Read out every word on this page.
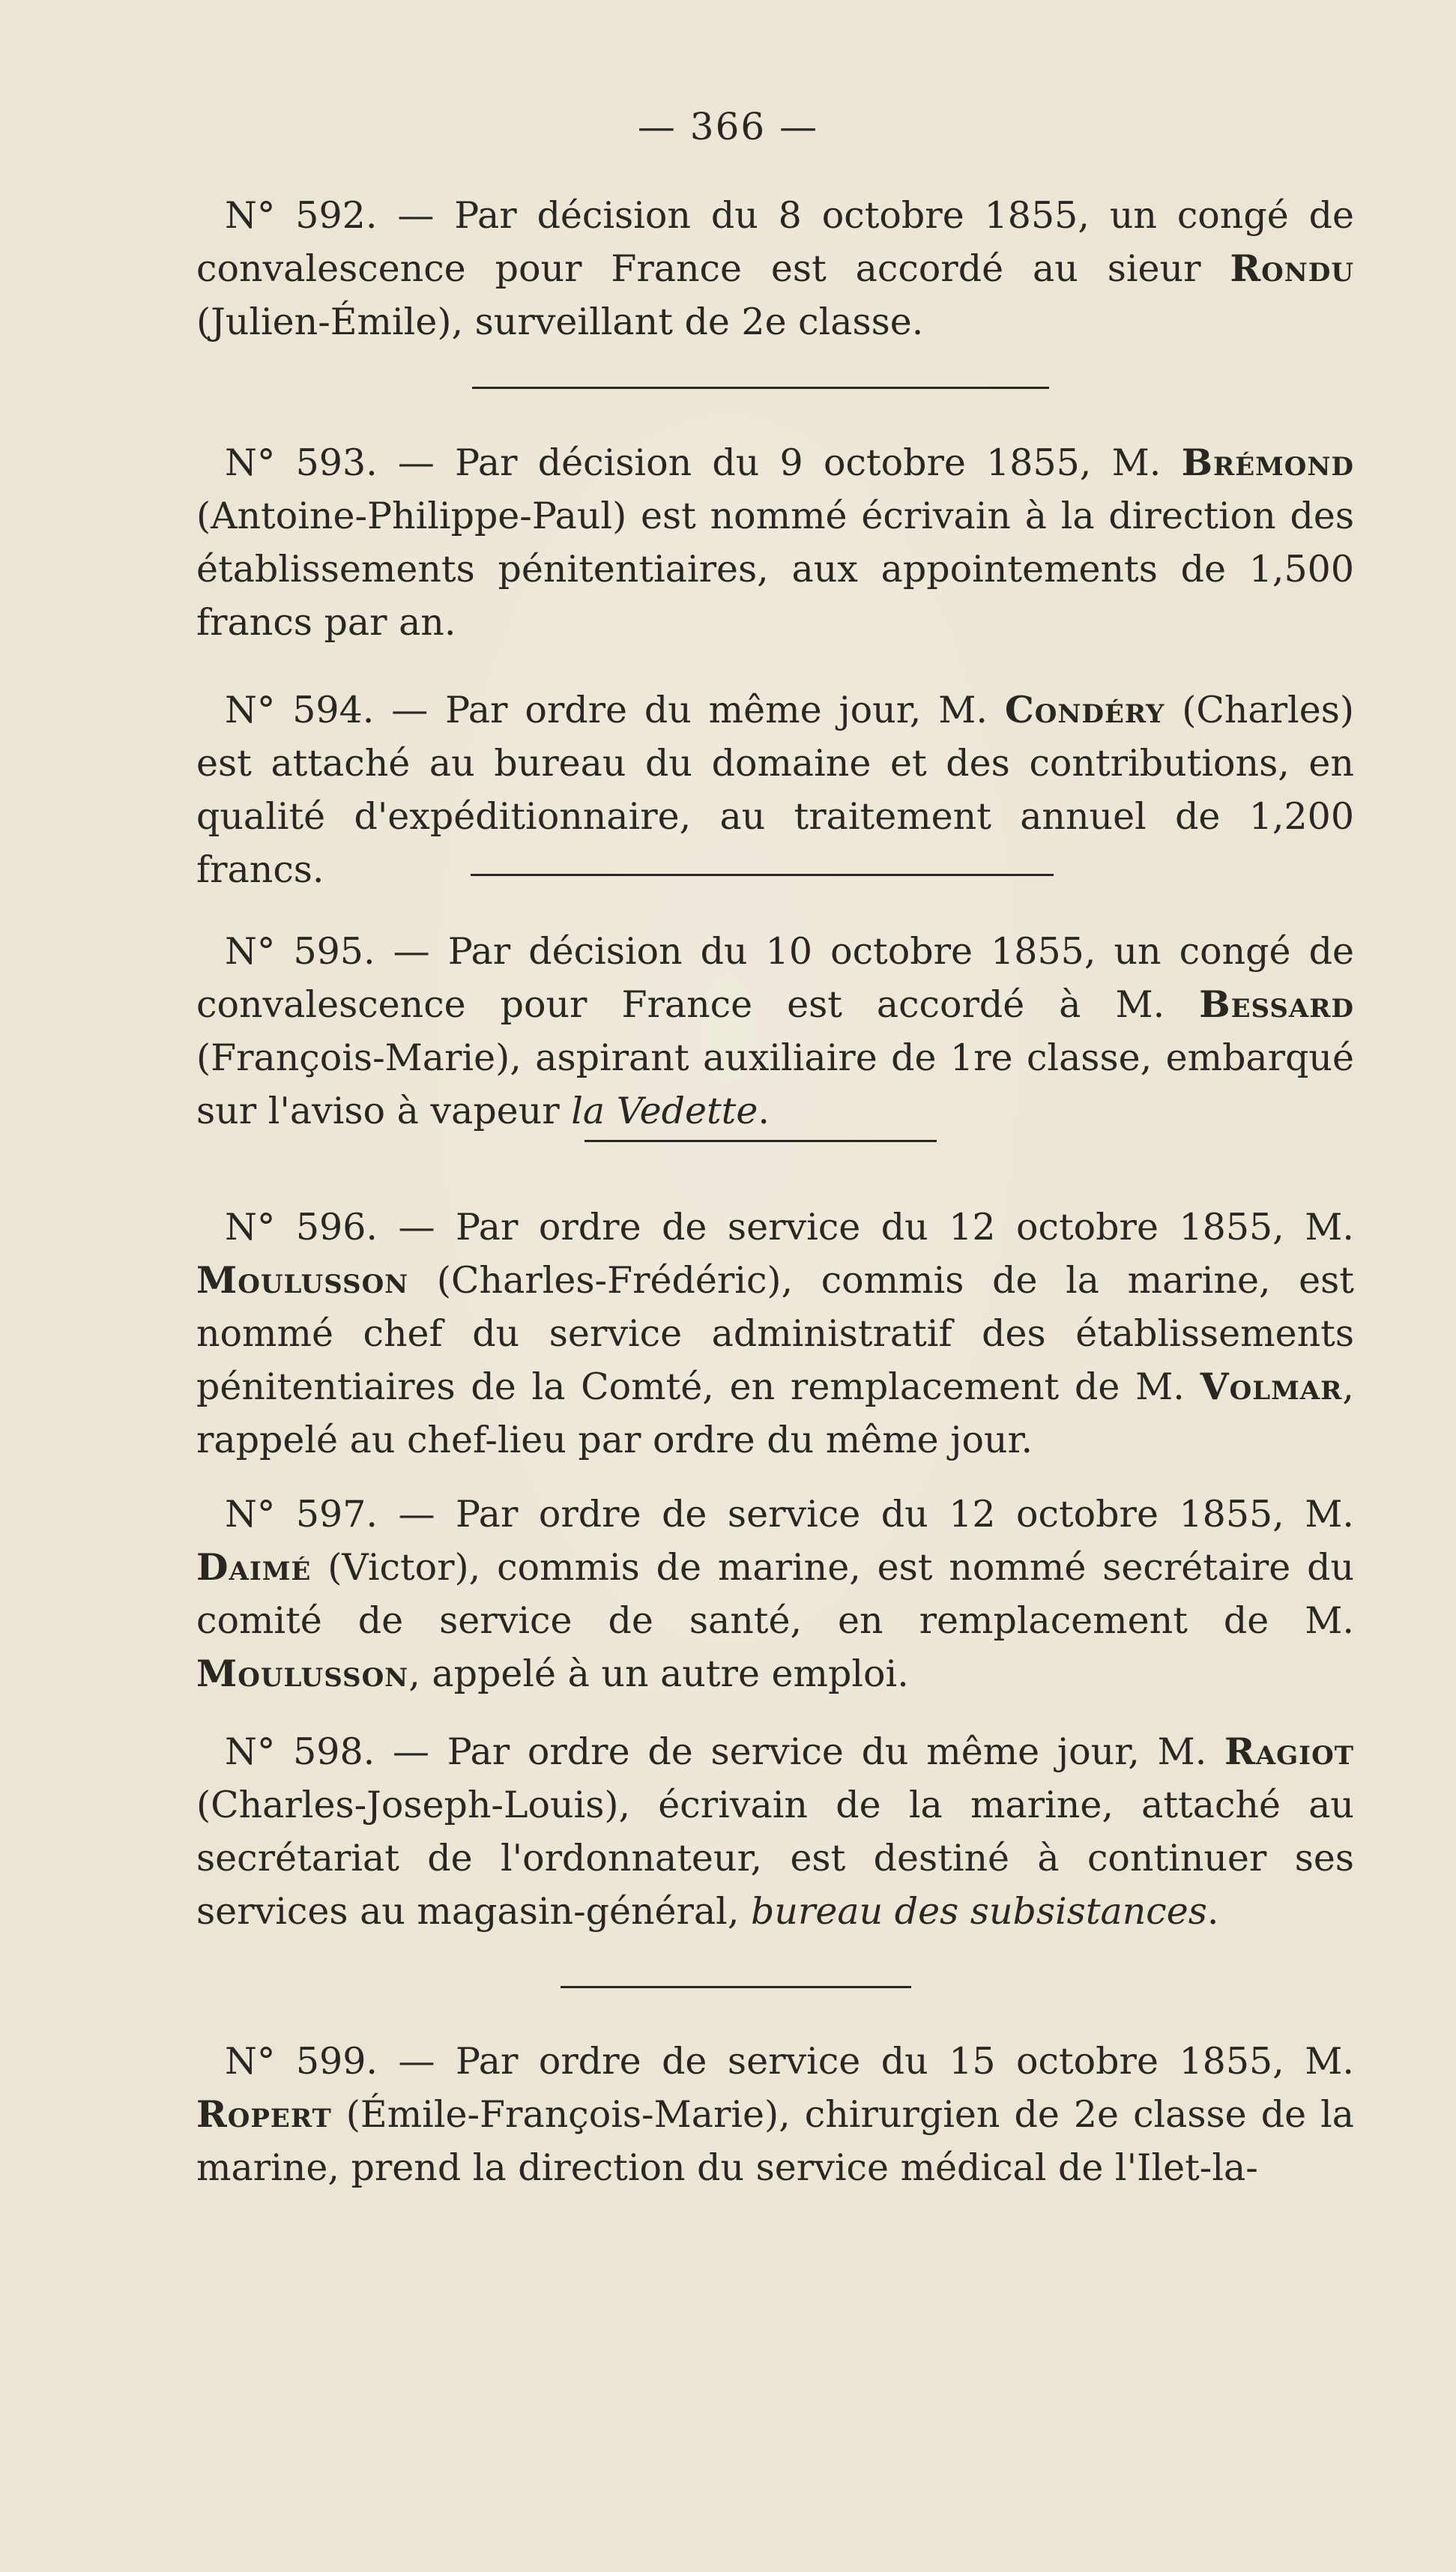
— 366 —

N° 592. — Par décision du 8 octobre 1855, un congé de convalescence pour France est accordé au sieur Rondu (Julien-Émile), surveillant de 2e classe.

N° 593. — Par décision du 9 octobre 1855, M. Brémond (Antoine-Philippe-Paul) est nommé écrivain à la direction des établissements pénitentiaires, aux appointements de 1,500 francs par an.

N° 594. — Par ordre du même jour, M. Condéry (Charles) est attaché au bureau du domaine et des contributions, en qualité d'expéditionnaire, au traitement annuel de 1,200 francs.

N° 595. — Par décision du 10 octobre 1855, un congé de convalescence pour France est accordé à M. Bessard (François-Marie), aspirant auxiliaire de 1re classe, embarqué sur l'aviso à vapeur la Vedette.

N° 596. — Par ordre de service du 12 octobre 1855, M. Moulusson (Charles-Frédéric), commis de la marine, est nommé chef du service administratif des établissements pénitentiaires de la Comté, en remplacement de M. Volmar, rappelé au chef-lieu par ordre du même jour.

N° 597. — Par ordre de service du 12 octobre 1855, M. Daimé (Victor), commis de marine, est nommé secrétaire du comité de service de santé, en remplacement de M. Moulusson, appelé à un autre emploi.

N° 598. — Par ordre de service du même jour, M. Ragiot (Charles-Joseph-Louis), écrivain de la marine, attaché au secrétariat de l'ordonnateur, est destiné à continuer ses services au magasin-général, bureau des subsistances.

N° 599. — Par ordre de service du 15 octobre 1855, M. Ropert (Émile-François-Marie), chirurgien de 2e classe de la marine, prend la direction du service médical de l'Ilet-la-
